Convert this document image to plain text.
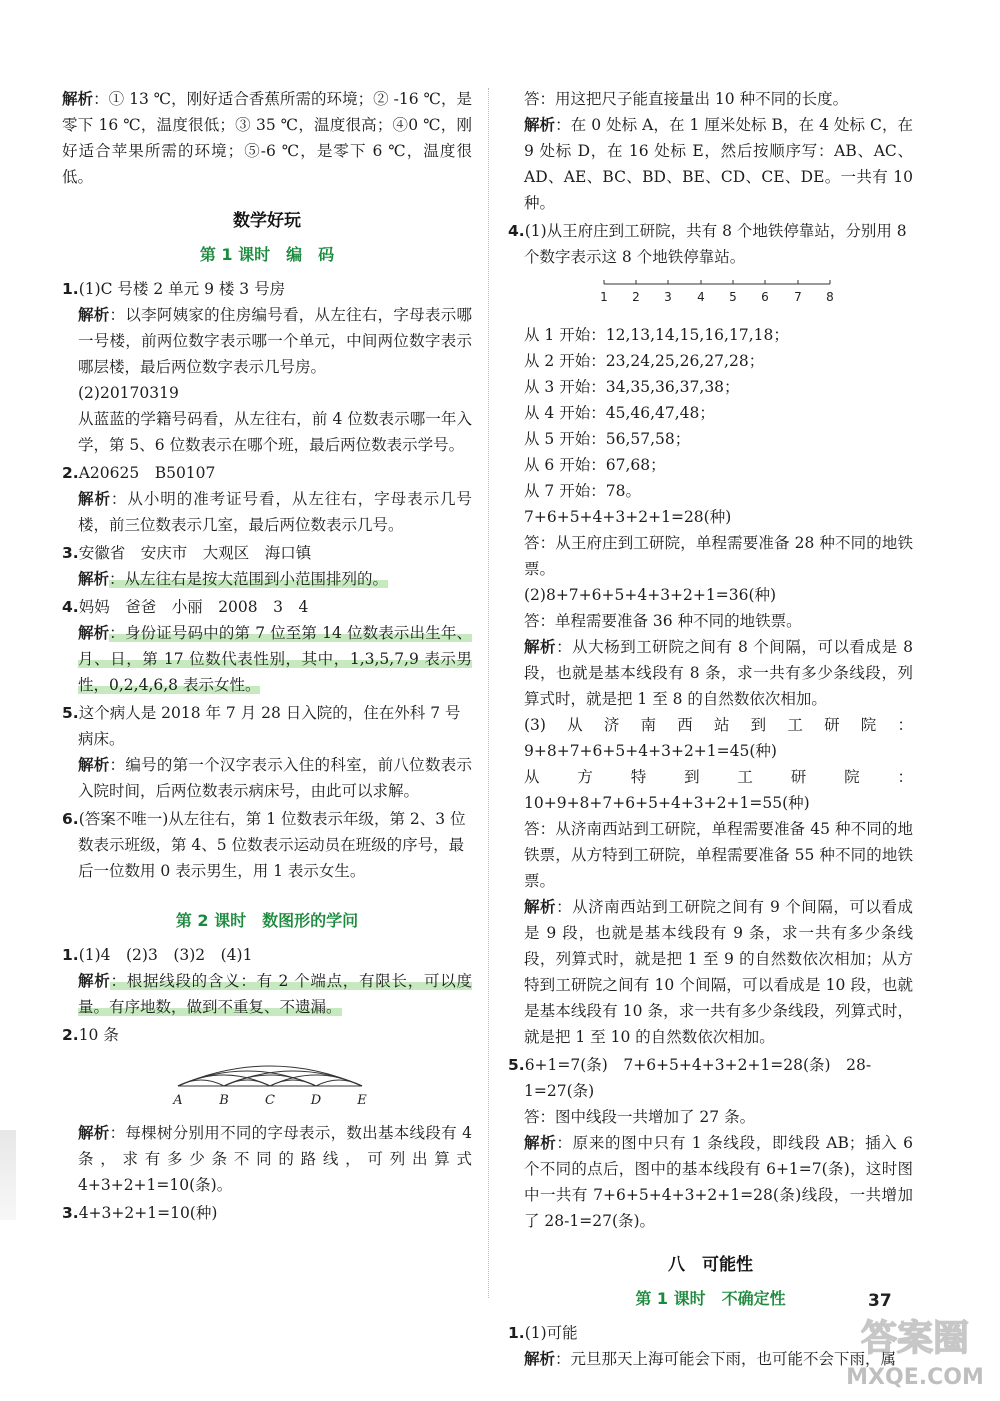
解析：① 13 ℃，刚好适合香蕉所需的环境；② -16 ℃，是零下 16 ℃，温度很低；③ 35 ℃，温度很高；④0 ℃，刚好适合苹果所需的环境；⑤-6 ℃，是零下 6 ℃，温度很低。

数学好玩
第 1 课时　编　码
1.(1)C 号楼 2 单元 9 楼 3 号房

解析：以李阿姨家的住房编号看，从左往右，字母表示哪一号楼，前两位数字表示哪一个单元，中间两位数字表示哪层楼，最后两位数字表示几号房。

(2)20170319

从蓝蓝的学籍号码看，从左往右，前 4 位数表示哪一年入学，第 5、6 位数表示在哪个班，最后两位数表示学号。

2.A20625　B50107

解析：从小明的准考证号看，从左往右，字母表示几号楼，前三位数表示几室，最后两位数表示几号。

3.安徽省　安庆市　大观区　海口镇

解析：从左往右是按大范围到小范围排列的。

4.妈妈　爸爸　小丽　2008　3　4

解析：身份证号码中的第 7 位至第 14 位数表示出生年、月、日，第 17 位数代表性别，其中，1,3,5,7,9 表示男性，0,2,4,6,8 表示女性。

5.这个病人是 2018 年 7 月 28 日入院的，住在外科 7 号病床。

解析：编号的第一个汉字表示入住的科室，前八位数表示入院时间，后两位数表示病床号，由此可以求解。

6.(答案不唯一)从左往右，第 1 位数表示年级，第 2、3 位数表示班级，第 4、5 位数表示运动员在班级的序号，最后一位数用 0 表示男生，用 1 表示女生。
第 2 课时　数图形的学问
1.(1)4　(2)3　(3)2　(4)1

解析：根据线段的含义：有 2 个端点，有限长，可以度量。有序地数，做到不重复、不遗漏。

2.10 条
A	B	C	D	E

解析：每棵树分别用不同的字母表示，数出基本线段有 4 条，求有多少条不同的路线，可列出算式 4+3+2+1=10(条)。

3.4+3+2+1=10(种)

答：用这把尺子能直接量出 10 种不同的长度。

解析：在 0 处标 A，在 1 厘米处标 B，在 4 处标 C，在 9 处标 D，在 16 处标 E，然后按顺序写：AB、AC、AD、AE、BC、BD、BE、CD、CE、DE。一共有 10 种。

4.(1)从王府庄到工研院，共有 8 个地铁停靠站，分别用 8 个数字表示这 8 个地铁停靠站。
1 2 3 4 5 6 7 8

从 1 开始：12,13,14,15,16,17,18；

从 2 开始：23,24,25,26,27,28；

从 3 开始：34,35,36,37,38；

从 4 开始：45,46,47,48；

从 5 开始：56,57,58；

从 6 开始：67,68；

从 7 开始：78。

7+6+5+4+3+2+1=28(种)

答：从王府庄到工研院，单程需要准备 28 种不同的地铁票。

(2)8+7+6+5+4+3+2+1=36(种)

答：单程需要准备 36 种不同的地铁票。

解析：从大杨到工研院之间有 8 个间隔，可以看成是 8 段，也就是基本线段有 8 条，求一共有多少条线段，列算式时，就是把 1 至 8 的自然数依次相加。

(3)从济南西站到工研院：9+8+7+6+5+4+3+2+1=45(种)

从方特到工研院：10+9+8+7+6+5+4+3+2+1=55(种)

答：从济南西站到工研院，单程需要准备 45 种不同的地铁票，从方特到工研院，单程需要准备 55 种不同的地铁票。

解析：从济南西站到工研院之间有 9 个间隔，可以看成是 9 段，也就是基本线段有 9 条，求一共有多少条线段，列算式时，就是把 1 至 9 的自然数依次相加；从方特到工研院之间有 10 个间隔，可以看成是 10 段，也就是基本线段有 10 条，求一共有多少条线段，列算式时，就是把 1 至 10 的自然数依次相加。

5.6+1=7(条)　7+6+5+4+3+2+1=28(条)　28-1=27(条)

答：图中线段一共增加了 27 条。

解析：原来的图中只有 1 条线段，即线段 AB；插入 6 个不同的点后，图中的基本线段有 6+1=7(条)，这时图中一共有 7+6+5+4+3+2+1=28(条)线段，一共增加了 28-1=27(条)。

八　可能性
第 1 课时　不确定性
1.(1)可能

解析：元旦那天上海可能会下雨，也可能不会下雨，属

37
答案圈
MXQE.COM
